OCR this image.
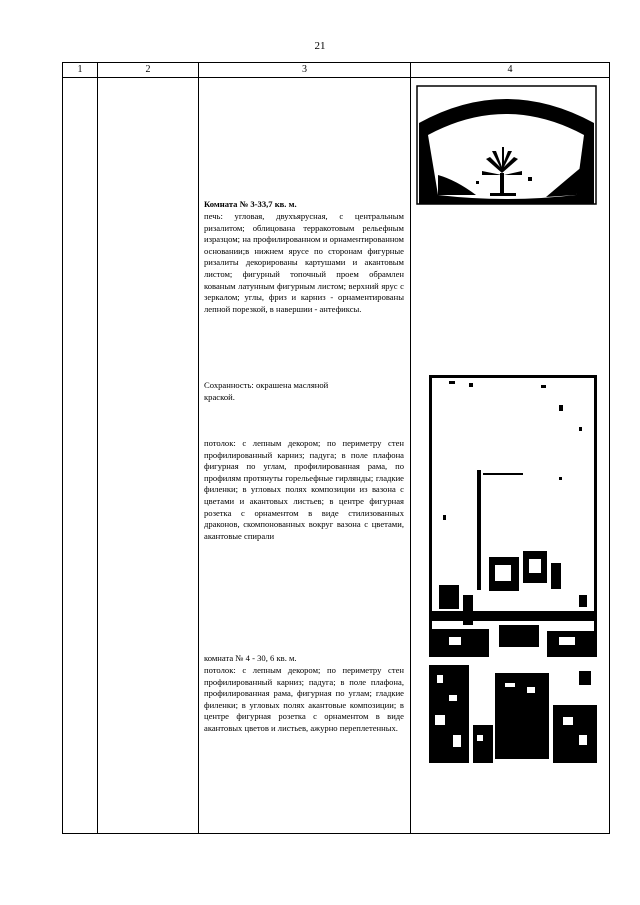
21
1	2	3	4
Комната № 3-33,7 кв. м.
печь: угловая, двухъярусная, с центральным ризалитом; облицована терракотовым рельефным изразцом; на профилированном и орнаментированном основании;в нижнем ярусе по сторонам фигурные ризалиты декорированы картушами и акантовым листом; фигурный топочный проем обрамлен кованым латунным фигурным листом; верхний ярус с зеркалом; углы, фриз и карниз - орнаментированы лепной порезкой, в навершии - антефиксы.
Сохранность: окрашена масляной
краской.
потолок: с лепным декором; по периметру стен профилированный карниз; падуга; в поле плафона фигурная по углам, профилированная рама, по профилям протянуты горельефные гирлянды; гладкие филенки; в угловых полях композиции из вазона с цветами и акантовых листьев; в центре фигурная розетка с орнаментом в виде стилизованных драконов, скомпонованных вокруг вазона с цветами, акантовые спирали
комната № 4 - 30, 6 кв. м.
потолок: с лепным декором; по периметру стен профилированный карниз; падуга; в поле плафона, профилированная рама, фигурная по углам; гладкие филенки; в угловых полях акантовые композиции; в центре фигурная розетка с орнаментом в виде акантовых цветов и листьев, ажурно переплетенных.
